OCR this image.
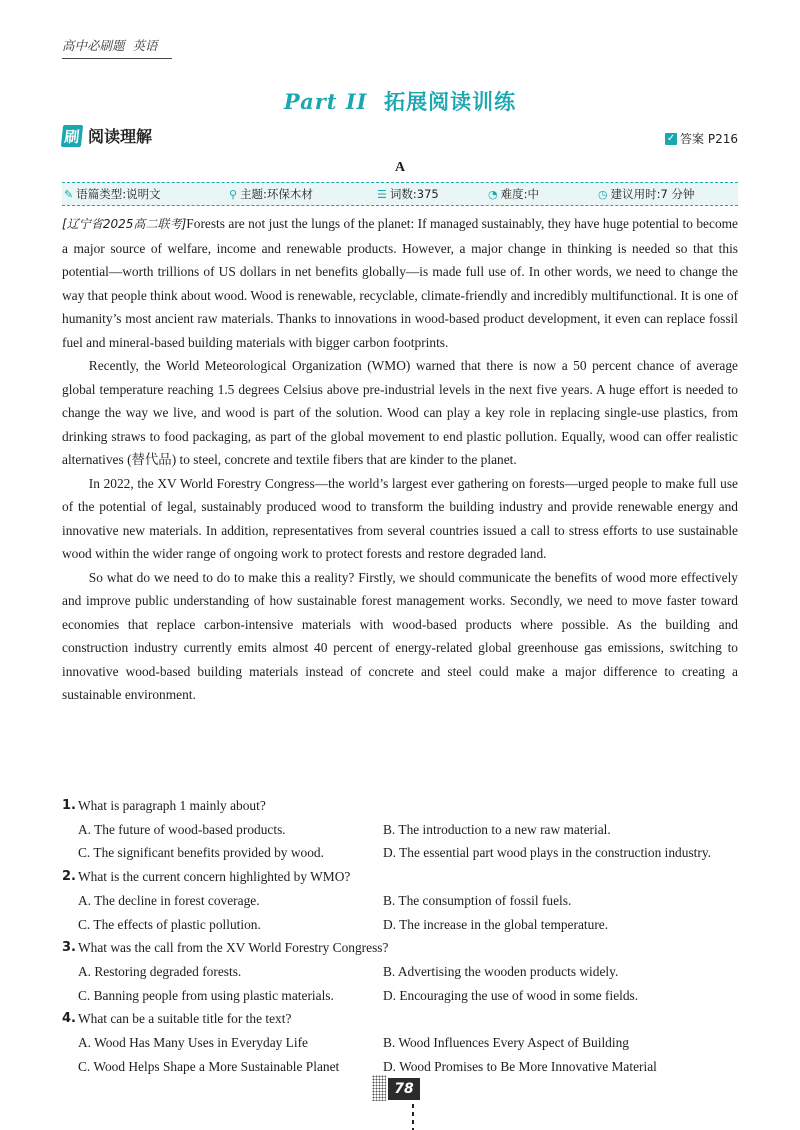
高中必刷题 英语
Part II 拓展阅读训练
刷 阅读理解	✓ 答案 P216
A
✎ 语篇类型:说明文	⚲ 主题:环保木材	☰ 词数:375	◔ 难度:中	◷ 建议用时:7 分钟

[辽宁省2025高二联考]Forests are not just the lungs of the planet: If managed sustainably, they have huge potential to become a major source of welfare, income and renewable products. However, a major change in thinking is needed so that this potential—worth trillions of US dollars in net benefits globally—is made full use of. In other words, we need to change the way that people think about wood. Wood is renewable, recyclable, climate-friendly and incredibly multifunctional. It is one of humanity’s most ancient raw materials. Thanks to innovations in wood-based product development, it even can replace fossil fuel and mineral-based building materials with bigger carbon footprints.

Recently, the World Meteorological Organization (WMO) warned that there is now a 50 percent chance of average global temperature reaching 1.5 degrees Celsius above pre-industrial levels in the next five years. A huge effort is needed to change the way we live, and wood is part of the solution. Wood can play a key role in replacing single-use plastics, from drinking straws to food packaging, as part of the global movement to end plastic pollution. Equally, wood can offer realistic alternatives (替代品) to steel, concrete and textile fibers that are kinder to the planet.

In 2022, the XV World Forestry Congress—the world’s largest ever gathering on forests—urged people to make full use of the potential of legal, sustainably produced wood to transform the building industry and provide renewable energy and innovative new materials. In addition, representatives from several countries issued a call to stress efforts to use sustainable wood within the wider range of ongoing work to protect forests and restore degraded land.

So what do we need to do to make this a reality? Firstly, we should communicate the benefits of wood more effectively and improve public understanding of how sustainable forest management works. Secondly, we need to move faster toward economies that replace carbon-intensive materials with wood-based products where possible. As the building and construction industry currently emits almost 40 percent of energy-related global greenhouse gas emissions, switching to innovative wood-based building materials instead of concrete and steel could make a major difference to creating a sustainable environment.

1. What is paragraph 1 mainly about?
A. The future of wood-based products.	B. The introduction to a new raw material.
C. The significant benefits provided by wood.	D. The essential part wood plays in the construction industry.
2. What is the current concern highlighted by WMO?
A. The decline in forest coverage.	B. The consumption of fossil fuels.
C. The effects of plastic pollution.	D. The increase in the global temperature.
3. What was the call from the XV World Forestry Congress?
A. Restoring degraded forests.	B. Advertising the wooden products widely.
C. Banning people from using plastic materials.	D. Encouraging the use of wood in some fields.
4. What can be a suitable title for the text?
A. Wood Has Many Uses in Everyday Life	B. Wood Influences Every Aspect of Building
C. Wood Helps Shape a More Sustainable Planet	D. Wood Promises to Be More Innovative Material
78
